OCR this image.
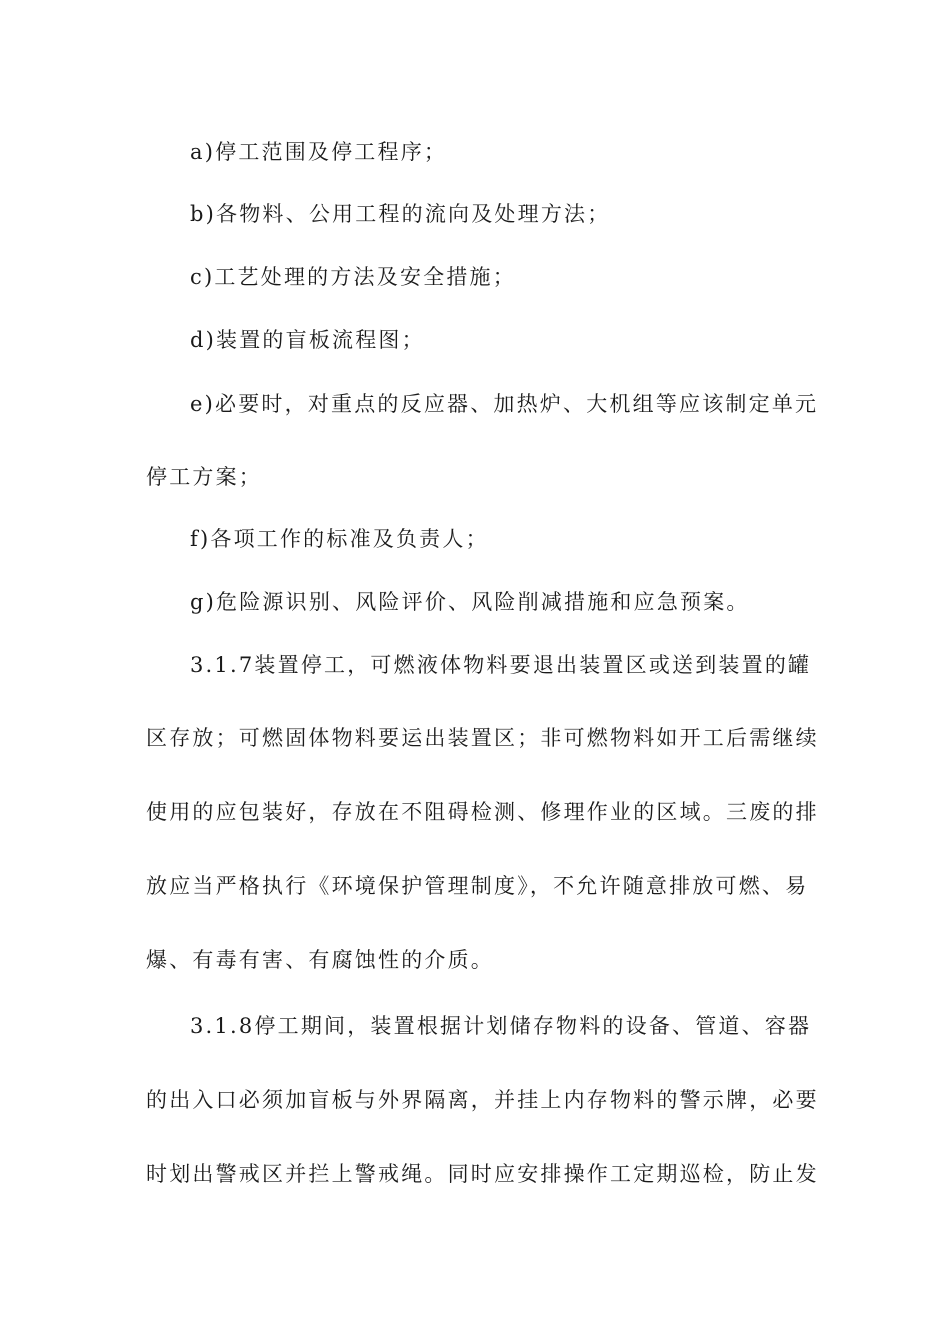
a)停工范围及停工程序；
b)各物料、公用工程的流向及处理方法；
c)工艺处理的方法及安全措施；
d)装置的盲板流程图；
e)必要时，对重点的反应器、加热炉、大机组等应该制定单元
停工方案；
f)各项工作的标准及负责人；
g)危险源识别、风险评价、风险削减措施和应急预案。
3.1.7装置停工，可燃液体物料要退出装置区或送到装置的罐
区存放；可燃固体物料要运出装置区；非可燃物料如开工后需继续
使用的应包装好，存放在不阻碍检测、修理作业的区域。三废的排
放应当严格执行《环境保护管理制度》，不允许随意排放可燃、易
爆、有毒有害、有腐蚀性的介质。
3.1.8停工期间，装置根据计划储存物料的设备、管道、容器
的出入口必须加盲板与外界隔离，并挂上内存物料的警示牌，必要
时划出警戒区并拦上警戒绳。同时应安排操作工定期巡检，防止发
